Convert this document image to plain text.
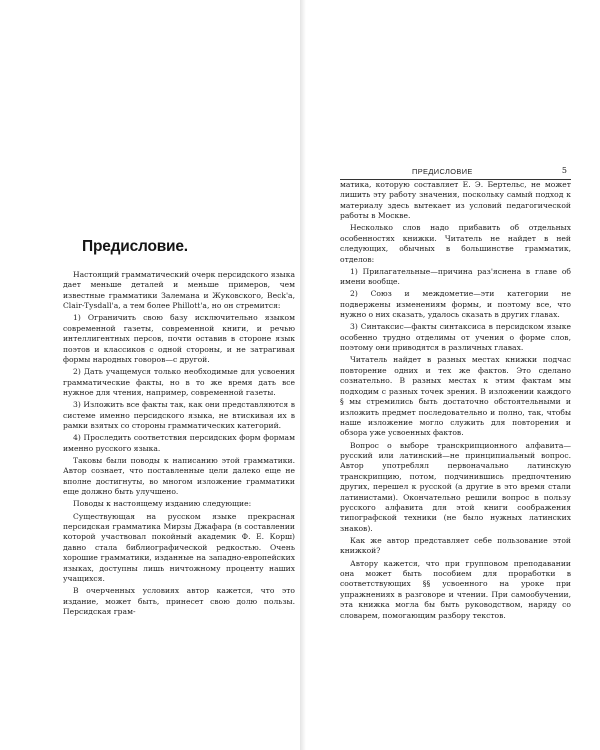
Предисловие.

Настоящий грамматический очерк персидского языка дает меньше деталей и меньше примеров, чем известные грамматики Залемана и Жуковского, Beck'а, Clair-Tysdall'а, а тем более Phillott'а, но он стремится:

1) Ограничить свою базу исключительно языком современной газеты, современной книги, и речью интеллигентных персов, почти оставив в стороне язык поэтов и классиков с одной стороны, и не затрагивая формы народных говоров—с другой.

2) Дать учащемуся только необходимые для усвоения грамматические факты, но в то же время дать все нужное для чтения, например, современной газеты.

3) Изложить все факты так, как они представляются в системе именно персидского языка, не втискивая их в рамки взятых со стороны грамматических категорий.

4) Проследить соответствия персидских форм формам именно русского языка.

Таковы были поводы к написанию этой грамматики. Автор сознает, что поставленные цели далеко еще не вполне достигнуты, во многом изложение грамматики еще должно быть улучшено.

Поводы к настоящему изданию следующие:

Существующая на русском языке прекрасная персидская грамматика Мирзы Джафара (в составлении которой участвовал покойный академик Ф. Е. Корш) давно стала библиографической редкостью. Очень хорошие грамматики, изданные на западно-европейских языках, доступны лишь ничтожному проценту наших учащихся.

В очерченных условиях автор кажется, что это издание, может быть, принесет свою долю пользы. Персидская грам-

ПРЕДИСЛОВИЕ	5

матика, которую составляет Е. Э. Бертельс, не может лишить эту работу значения, поскольку самый подход к материалу здесь вытекает из условий педагогической работы в Москве.

Несколько слов надо прибавить об отдельных особенностях книжки. Читатель не найдет в ней следующих, обычных в большинстве грамматик, отделов:

1) Прилагательные—причина раз'яснена в главе об имени вообще.

2) Союз и междометие—эти категории не подвержены изменениям формы, и поэтому все, что нужно о них сказать, удалось сказать в других главах.

3) Синтаксис—факты синтаксиса в персидском языке особенно трудно отделимы от учения о форме слов, поэтому они приводятся в различных главах.

Читатель найдет в разных местах книжки подчас повторение одних и тех же фактов. Это сделано сознательно. В разных местах к этим фактам мы подходим с разных точек зрения. В изложении каждого § мы стремились быть достаточно обстоятельными и изложить предмет последовательно и полно, так, чтобы наше изложение могло служить для повторения и обзора уже усвоенных фактов.

Вопрос о выборе транскрипционного алфавита—русский или латинский—не принципиальный вопрос. Автор употреблял первоначально латинскую транскрипцию, потом, подчинившись предпочтению других, перешел к русской (а другие в это время стали латинистами). Окончательно решили вопрос в пользу русского алфавита для этой книги соображения типографской техники (не было нужных латинских знаков).

Как же автор представляет себе пользование этой книжкой?

Автору кажется, что при групповом преподавании она может быть пособием для проработки в соответствующих §§ усвоенного на уроке при упражнениях в разговоре и чтении. При самообучении, эта книжка могла бы быть руководством, наряду со словарем, помогающим разбору текстов.
